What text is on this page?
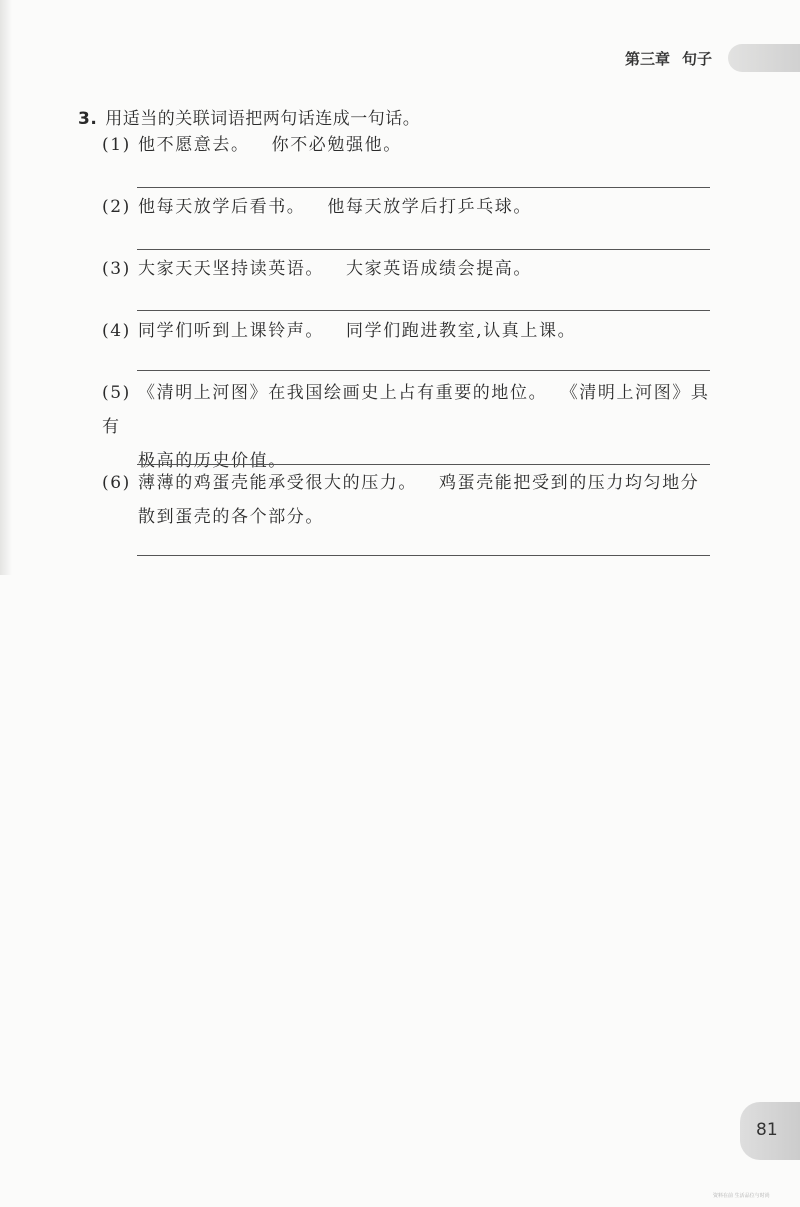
第三章 句子
3. 用适当的关联词语把两句话连成一句话。
(1) 他不愿意去。 你不必勉强他。
(2) 他每天放学后看书。 他每天放学后打乒乓球。
(3) 大家天天坚持读英语。 大家英语成绩会提高。
(4) 同学们听到上课铃声。 同学们跑进教室,认真上课。
(5) 《清明上河图》在我国绘画史上占有重要的地位。 《清明上河图》具有
极高的历史价值。
(6) 薄薄的鸡蛋壳能承受很大的压力。 鸡蛋壳能把受到的压力均匀地分
散到蛋壳的各个部分。
81
资料在前 生活品位与时尚
